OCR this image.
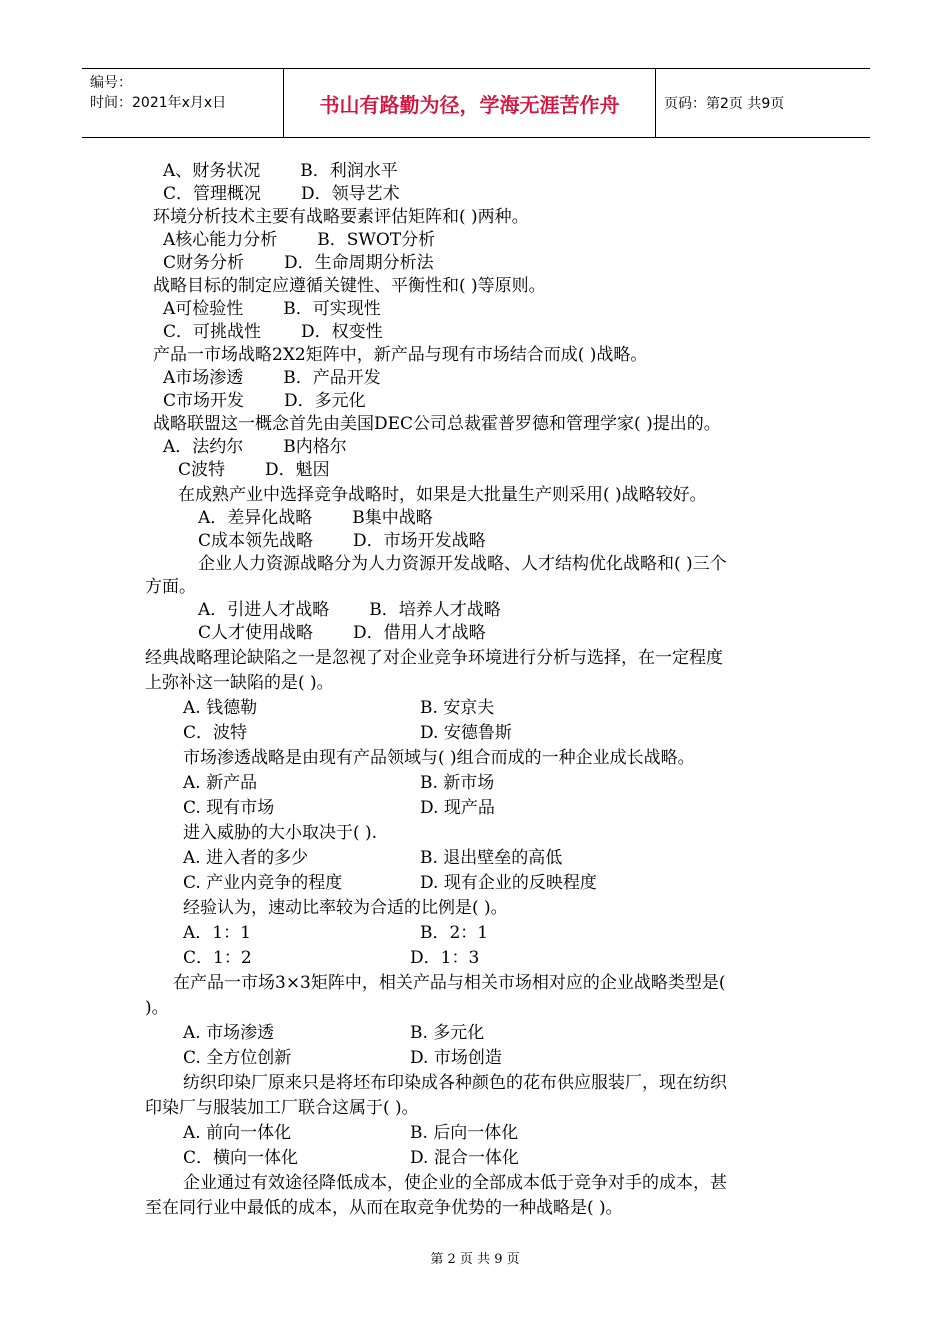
编号：
时间：2021年x月x日	书山有路勤为径，学海无涯苦作舟	页码：第2页 共9页
A、财务状况 B．利润水平
C．管理概况 D．领导艺术
环境分析技术主要有战略要素评估矩阵和( )两种。
A核心能力分析 B．SWOT分析
C财务分析 D．生命周期分析法
战略目标的制定应遵循关键性、平衡性和( )等原则。
A可检验性 B．可实现性
C．可挑战性 D．权变性
产品一市场战略2X2矩阵中，新产品与现有市场结合而成( )战略。
A市场渗透 B．产品开发
C市场开发 D．多元化
战略联盟这一概念首先由美国DEC公司总裁霍普罗德和管理学家( )提出的。
A．法约尔 B内格尔
C波特 D．魁因
在成熟产业中选择竞争战略时，如果是大批量生产则采用( )战略较好。
A．差异化战略 B集中战略
C成本领先战略 D．市场开发战略
企业人力资源战略分为人力资源开发战略、人才结构优化战略和( )三个
方面。
A．引进人才战略 B．培养人才战略
C人才使用战略 D．借用人才战略
经典战略理论缺陷之一是忽视了对企业竞争环境进行分析与选择，在一定程度
上弥补这一缺陷的是( )。
A. 钱德勒	B. 安京夫
C．波特	D. 安德鲁斯
市场渗透战略是由现有产品领域与( )组合而成的一种企业成长战略。
A. 新产品	B. 新市场
C. 现有市场	D. 现产品
进入威胁的大小取决于( ).
A. 进入者的多少	B. 退出壁垒的高低
C. 产业内竞争的程度	D. 现有企业的反映程度
经验认为，速动比率较为合适的比例是( )。
A．1：1	B．2：1
C．1：2	D．1：3
在产品一市场3×3矩阵中，相关产品与相关市场相对应的企业战略类型是(
)。
A. 市场渗透	B. 多元化
C. 全方位创新	D. 市场创造
纺织印染厂原来只是将坯布印染成各种颜色的花布供应服装厂，现在纺织
印染厂与服装加工厂联合这属于( )。
A. 前向一体化	B. 后向一体化
C．横向一体化	D. 混合一体化
企业通过有效途径降低成本，使企业的全部成本低于竞争对手的成本，甚
至在同行业中最低的成本，从而在取竞争优势的一种战略是( )。
第 2 页 共 9 页
